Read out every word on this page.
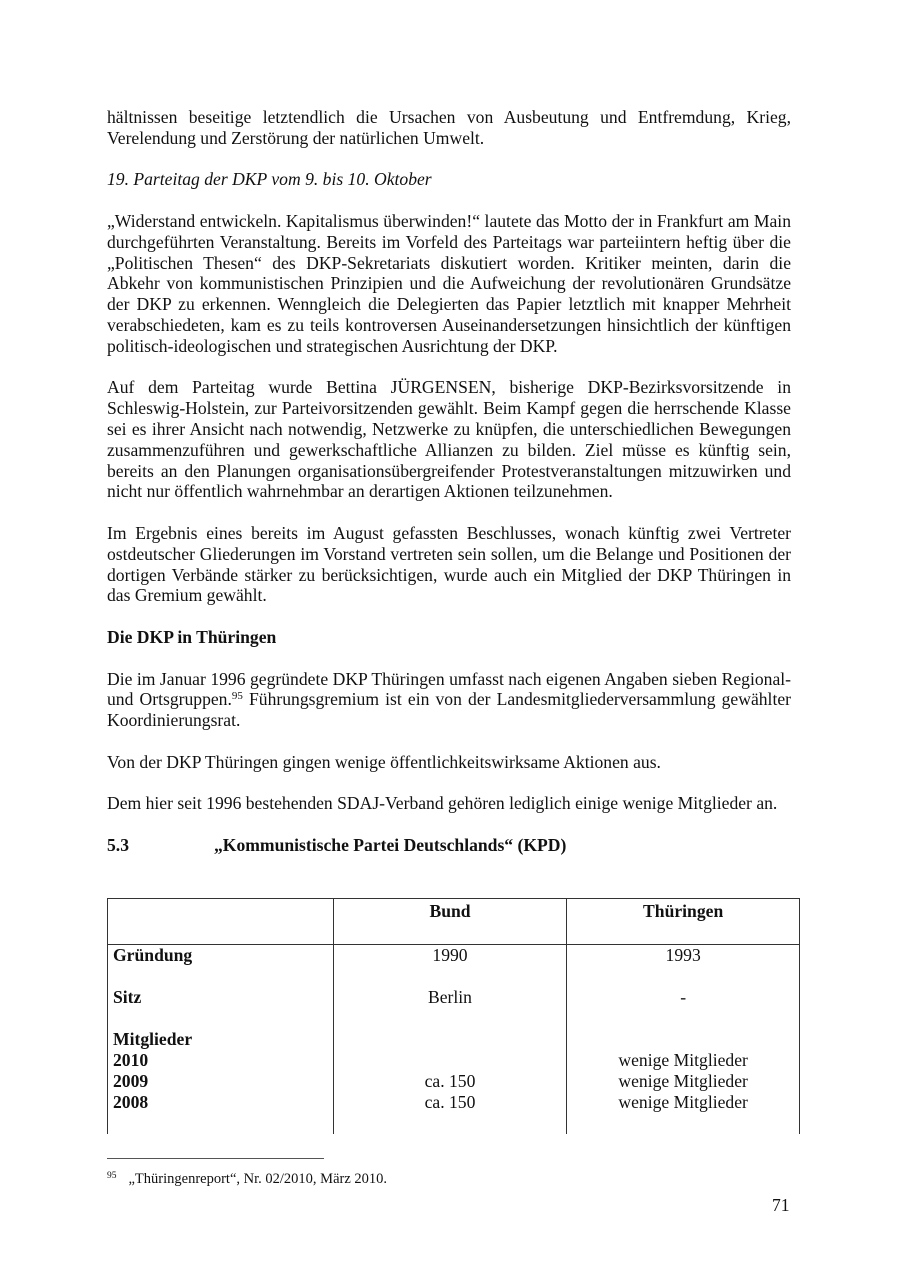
hältnissen beseitige letztendlich die Ursachen von Ausbeutung und Entfremdung, Krieg, Verelendung und Zerstörung der natürlichen Umwelt.

19. Parteitag der DKP vom 9. bis 10. Oktober

„Widerstand entwickeln. Kapitalismus überwinden!“ lautete das Motto der in Frankfurt am Main durchgeführten Veranstaltung. Bereits im Vorfeld des Parteitags war parteiintern heftig über die „Politischen Thesen“ des DKP-Sekretariats diskutiert worden. Kritiker meinten, darin die Abkehr von kommunistischen Prinzipien und die Aufweichung der revolutionären Grundsätze der DKP zu erkennen. Wenngleich die Delegierten das Papier letztlich mit knapper Mehrheit verabschiedeten, kam es zu teils kontroversen Auseinandersetzungen hinsichtlich der künftigen politisch-ideologischen und strategischen Ausrichtung der DKP.

Auf dem Parteitag wurde Bettina JÜRGENSEN, bisherige DKP-Bezirksvorsitzende in Schleswig-Holstein, zur Parteivorsitzenden gewählt. Beim Kampf gegen die herrschende Klasse sei es ihrer Ansicht nach notwendig, Netzwerke zu knüpfen, die unterschiedlichen Bewegungen zusammenzuführen und gewerkschaftliche Allianzen zu bilden. Ziel müsse es künftig sein, bereits an den Planungen organisationsübergreifender Protestveranstaltungen mitzuwirken und nicht nur öffentlich wahrnehmbar an derartigen Aktionen teilzunehmen.

Im Ergebnis eines bereits im August gefassten Beschlusses, wonach künftig zwei Vertreter ostdeutscher Gliederungen im Vorstand vertreten sein sollen, um die Belange und Positionen der dortigen Verbände stärker zu berücksichtigen, wurde auch ein Mitglied der DKP Thüringen in das Gremium gewählt.

Die DKP in Thüringen

Die im Januar 1996 gegründete DKP Thüringen umfasst nach eigenen Angaben sieben Regional- und Ortsgruppen.$^{95}$ Führungsgremium ist ein von der Landesmitgliederversammlung gewählter Koordinierungsrat.

Von der DKP Thüringen gingen wenige öffentlichkeitswirksame Aktionen aus.

Dem hier seit 1996 bestehenden SDAJ-Verband gehören lediglich einige wenige Mitglieder an.

5.3	„Kommunistische Partei Deutschlands“ (KPD)
	Bund	Thüringen
Gründung	1990	1993
Sitz	Berlin	-
Mitglieder		
2010		wenige Mitglieder
2009	ca. 150	wenige Mitglieder
2008	ca. 150	wenige Mitglieder
$^{95}$ „Thüringenreport“, Nr. 02/2010, März 2010.
71
